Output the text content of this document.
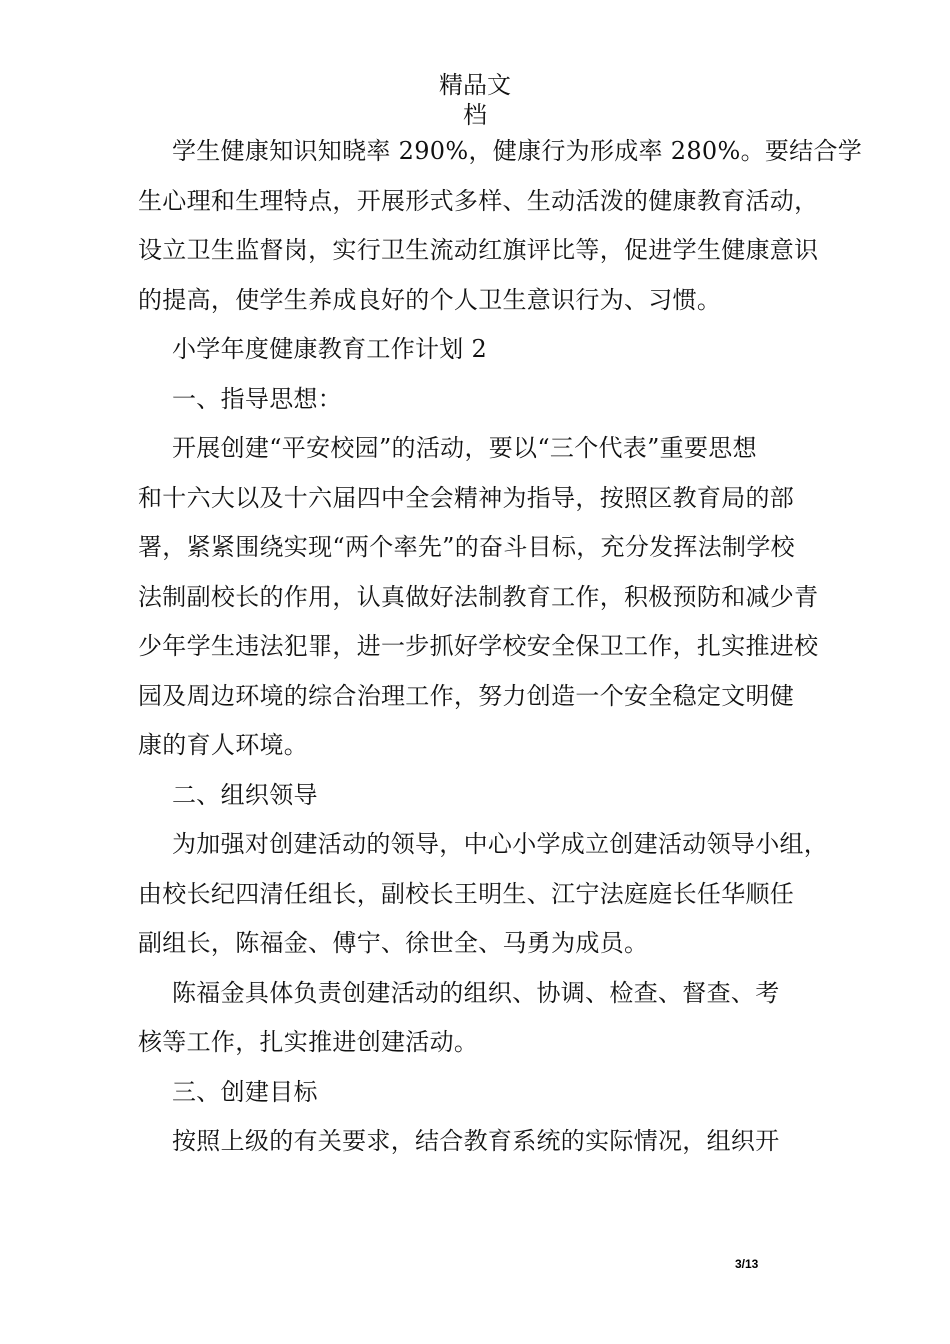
精品文
档

学生健康知识知晓率 290%，健康行为形成率 280%。要结合学
生心理和生理特点，开展形式多样、生动活泼的健康教育活动，
设立卫生监督岗，实行卫生流动红旗评比等，促进学生健康意识
的提高，使学生养成良好的个人卫生意识行为、习惯。

小学年度健康教育工作计划 2

一、指导思想：

开展创建“平安校园”的活动，要以“三个代表”重要思想
和十六大以及十六届四中全会精神为指导，按照区教育局的部
署，紧紧围绕实现“两个率先”的奋斗目标，充分发挥法制学校
法制副校长的作用，认真做好法制教育工作，积极预防和减少青
少年学生违法犯罪，进一步抓好学校安全保卫工作，扎实推进校
园及周边环境的综合治理工作，努力创造一个安全稳定文明健
康的育人环境。

二、组织领导

为加强对创建活动的领导，中心小学成立创建活动领导小组，
由校长纪四清任组长，副校长王明生、江宁法庭庭长任华顺任
副组长，陈福金、傅宁、徐世全、马勇为成员。

陈福金具体负责创建活动的组织、协调、检查、督查、考
核等工作，扎实推进创建活动。

三、创建目标

按照上级的有关要求，结合教育系统的实际情况，组织开

3/13
